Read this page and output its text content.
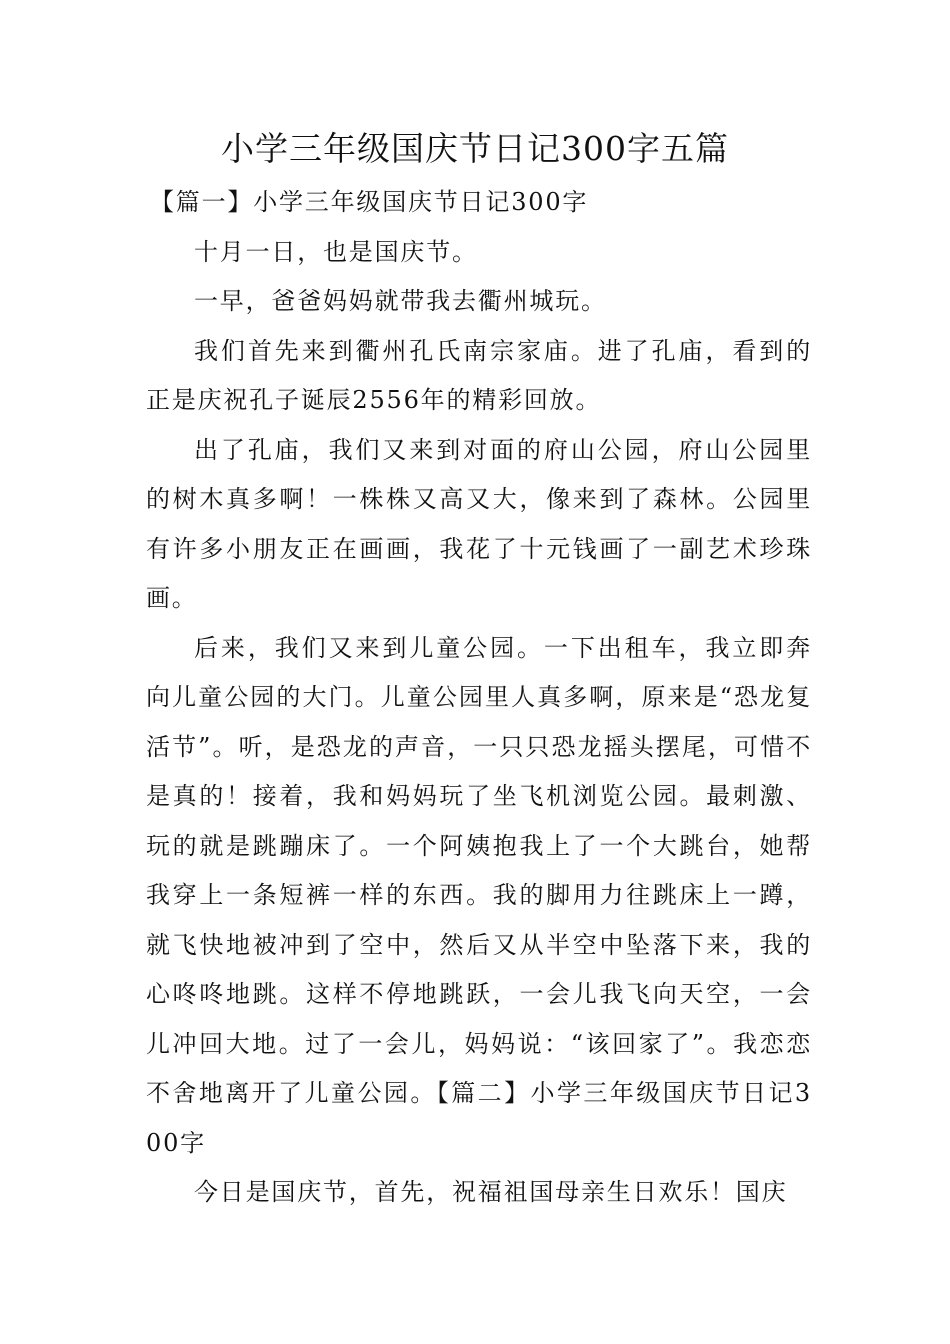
小学三年级国庆节日记300字五篇

【篇一】小学三年级国庆节日记300字

十月一日，也是国庆节。

一早，爸爸妈妈就带我去衢州城玩。

我们首先来到衢州孔氏南宗家庙。进了孔庙，看到的正是庆祝孔子诞辰2556年的精彩回放。

出了孔庙，我们又来到对面的府山公园，府山公园里的树木真多啊！一株株又高又大，像来到了森林。公园里有许多小朋友正在画画，我花了十元钱画了一副艺术珍珠画。

后来，我们又来到儿童公园。一下出租车，我立即奔向儿童公园的大门。儿童公园里人真多啊，原来是“恐龙复活节”。听，是恐龙的声音，一只只恐龙摇头摆尾，可惜不是真的！接着，我和妈妈玩了坐飞机浏览公园。最刺激、玩的就是跳蹦床了。一个阿姨抱我上了一个大跳台，她帮我穿上一条短裤一样的东西。我的脚用力往跳床上一蹲，就飞快地被冲到了空中，然后又从半空中坠落下来，我的心咚咚地跳。这样不停地跳跃，一会儿我飞向天空，一会儿冲回大地。过了一会儿，妈妈说：“该回家了”。我恋恋不舍地离开了儿童公园。【篇二】小学三年级国庆节日记300字

今日是国庆节，首先，祝福祖国母亲生日欢乐！国庆
